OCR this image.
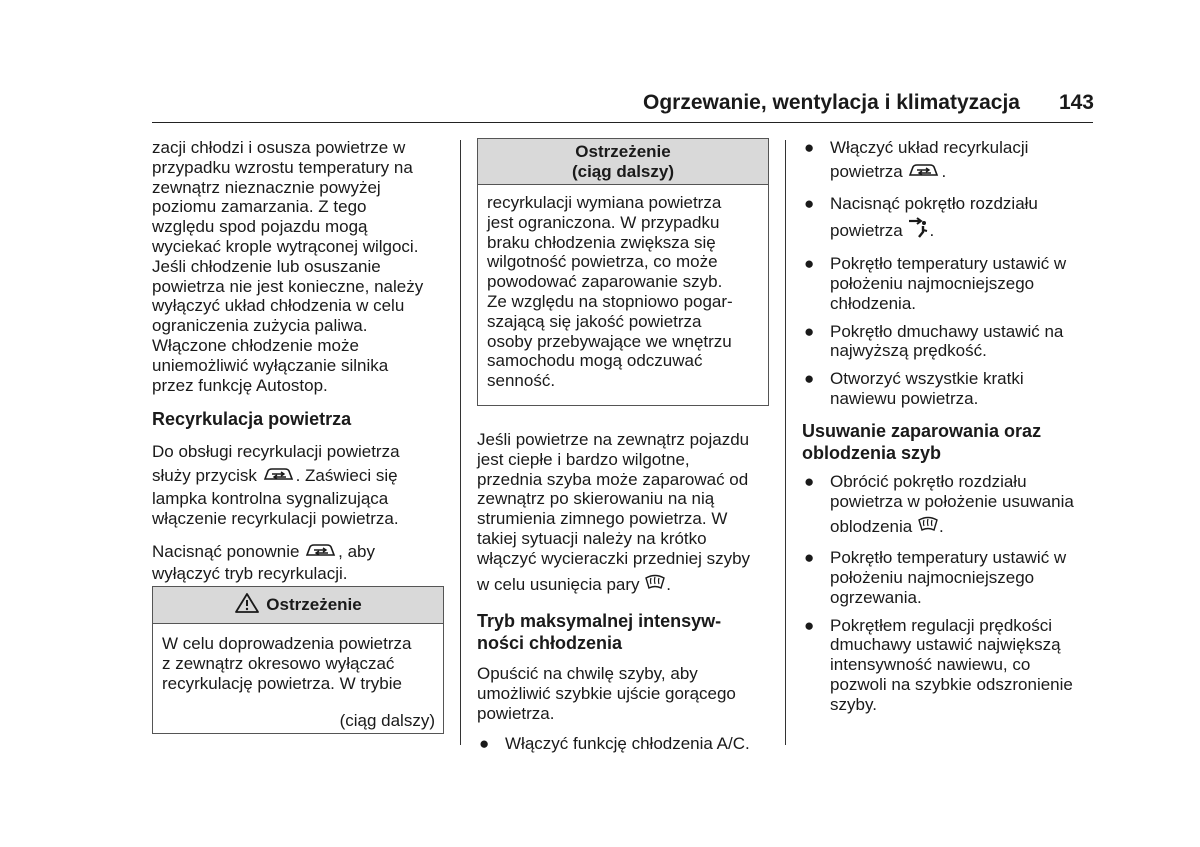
Ogrzewanie, wentylacja i klimatyzacja	143

zacji chłodzi i osusza powietrze w

przypadku wzrostu temperatury na

zewnątrz nieznacznie powyżej

poziomu zamarzania. Z tego

względu spod pojazdu mogą

wyciekać krople wytrąconej wilgoci.

Jeśli chłodzenie lub osuszanie

powietrza nie jest konieczne, należy

wyłączyć układ chłodzenia w celu

ograniczenia zużycia paliwa.

Włączone chłodzenie może

uniemożliwić wyłączanie silnika

przez funkcję Autostop.

Recyrkulacja powietrza

Do obsługi recyrkulacji powietrza

służy przycisk . Zaświeci się

lampka kontrolna sygnalizująca

włączenie recyrkulacji powietrza.

Nacisnąć ponownie , aby

wyłączyć tryb recyrkulacji.

Ostrzeżenie

W celu doprowadzenia powietrza

z zewnątrz okresowo wyłączać

recyrkulację powietrza. W trybie

(ciąg dalszy)
Ostrzeżenie
(ciąg dalszy)

recyrkulacji wymiana powietrza

jest ograniczona. W przypadku

braku chłodzenia zwiększa się

wilgotność powietrza, co może

powodować zaparowanie szyb.

Ze względu na stopniowo pogar-

szającą się jakość powietrza

osoby przebywające we wnętrzu

samochodu mogą odczuwać

senność.

Jeśli powietrze na zewnątrz pojazdu

jest ciepłe i bardzo wilgotne,

przednia szyba może zaparować od

zewnątrz po skierowaniu na nią

strumienia zimnego powietrza. W

takiej sytuacji należy na krótko

włączyć wycieraczki przedniej szyby

w celu usunięcia pary .

Tryb maksymalnej intensyw-
ności chłodzenia

Opuścić na chwilę szyby, aby

umożliwić szybkie ujście gorącego

powietrza.

● Włączyć funkcję chłodzenia A/C.
● Włączyć układ recyrkulacji

powietrza .

● Nacisnąć pokrętło rozdziału

powietrza .

● Pokrętło temperatury ustawić w

położeniu najmocniejszego

chłodzenia.

● Pokrętło dmuchawy ustawić na

najwyższą prędkość.

● Otworzyć wszystkie kratki

nawiewu powietrza.

Usuwanie zaparowania oraz
oblodzenia szyb
● Obrócić pokrętło rozdziału

powietrza w położenie usuwania

oblodzenia .

● Pokrętło temperatury ustawić w

położeniu najmocniejszego

ogrzewania.

● Pokrętłem regulacji prędkości

dmuchawy ustawić największą

intensywność nawiewu, co

pozwoli na szybkie odszronienie

szyby.
